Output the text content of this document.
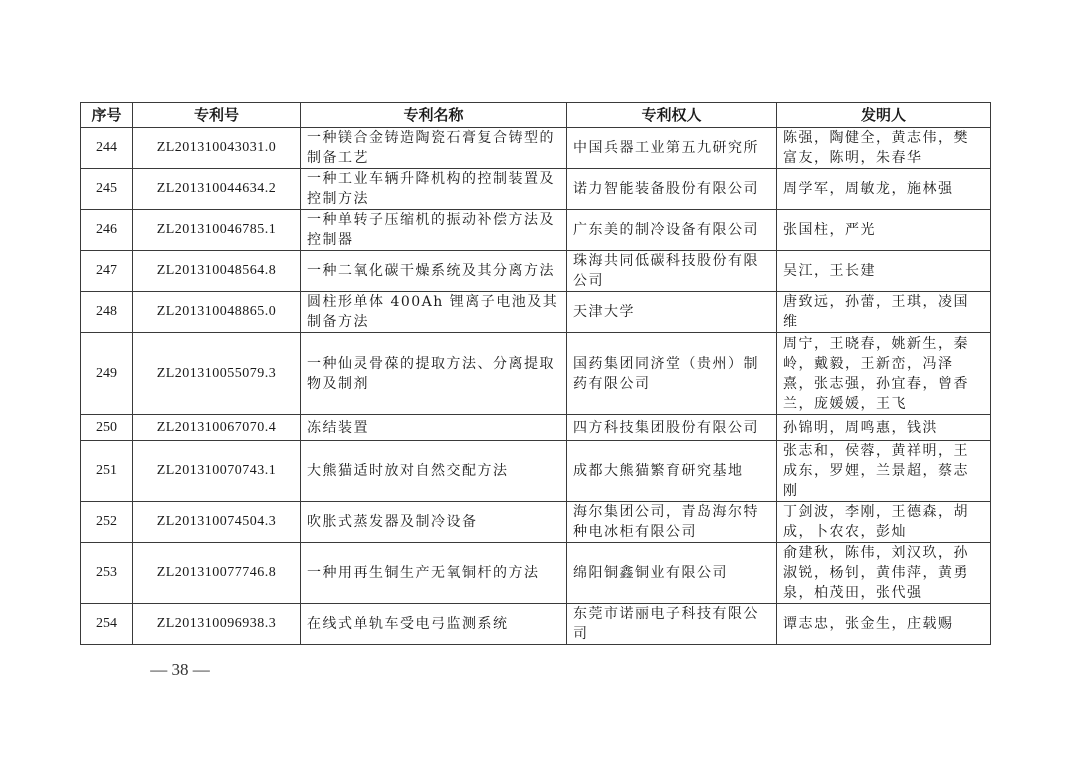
序号	专利号	专利名称	专利权人	发明人
244	ZL201310043031.0	一种镁合金铸造陶瓷石膏复合铸型的制备工艺	中国兵器工业第五九研究所	陈强，陶健全，黄志伟，樊富友，陈明，朱春华
245	ZL201310044634.2	一种工业车辆升降机构的控制装置及控制方法	诺力智能装备股份有限公司	周学军，周敏龙，施林强
246	ZL201310046785.1	一种单转子压缩机的振动补偿方法及控制器	广东美的制冷设备有限公司	张国柱，严光
247	ZL201310048564.8	一种二氧化碳干燥系统及其分离方法	珠海共同低碳科技股份有限公司	吴江，王长建
248	ZL201310048865.0	圆柱形单体 400Ah 锂离子电池及其制备方法	天津大学	唐致远，孙蕾，王琪，凌国维
249	ZL201310055079.3	一种仙灵骨葆的提取方法、分离提取物及制剂	国药集团同济堂（贵州）制药有限公司	周宁，王晓春，姚新生，秦岭，戴毅，王新峦，冯泽熹，张志强，孙宜春，曾香兰，庞媛媛，王飞
250	ZL201310067070.4	冻结装置	四方科技集团股份有限公司	孙锦明，周鸣惠，钱洪
251	ZL201310070743.1	大熊猫适时放对自然交配方法	成都大熊猫繁育研究基地	张志和，侯蓉，黄祥明，王成东，罗娌，兰景超，蔡志刚
252	ZL201310074504.3	吹胀式蒸发器及制冷设备	海尔集团公司，青岛海尔特种电冰柜有限公司	丁剑波，李刚，王德森，胡成，卜农农，彭灿
253	ZL201310077746.8	一种用再生铜生产无氧铜杆的方法	绵阳铜鑫铜业有限公司	俞建秋，陈伟，刘汉玖，孙淑锐，杨钊，黄伟萍，黄勇泉，柏茂田，张代强
254	ZL201310096938.3	在线式单轨车受电弓监测系统	东莞市诺丽电子科技有限公司	谭志忠，张金生，庄载赐
— 38 —
